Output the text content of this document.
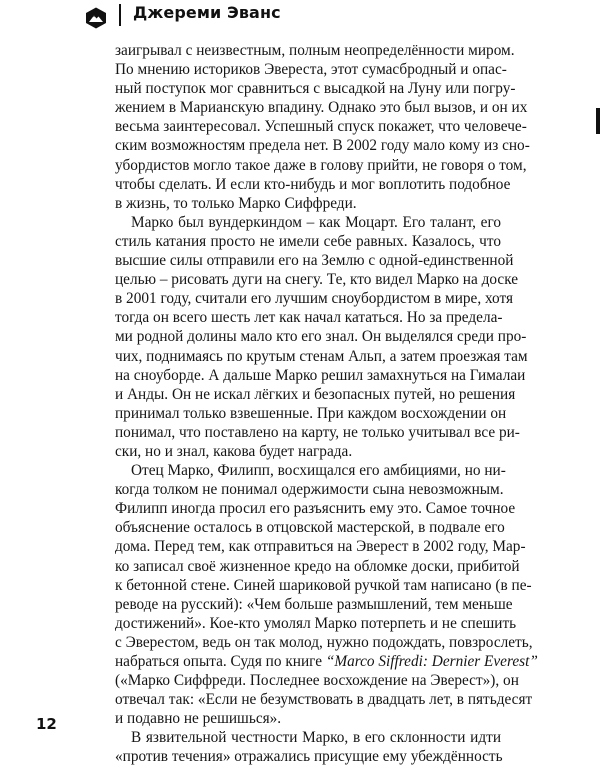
Джереми Эванс
заигрывал с неизвестным, полным неопределённости миром.
По мнению историков Эвереста, этот сумасбродный и опас-
ный поступок мог сравниться с высадкой на Луну или погру-
жением в Марианскую впадину. Однако это был вызов, и он их
весьма заинтересовал. Успешный спуск покажет, что человече-
ским возможностям предела нет. В 2002 году мало кому из сно-
убордистов могло такое даже в голову прийти, не говоря о том,
чтобы сделать. И если кто-нибудь и мог воплотить подобное
в жизнь, то только Марко Сиффреди.
Марко был вундеркиндом – как Моцарт. Его талант, его
стиль катания просто не имели себе равных. Казалось, что
высшие силы отправили его на Землю с одной-единственной
целью – рисовать дуги на снегу. Те, кто видел Марко на доске
в 2001 году, считали его лучшим сноубордистом в мире, хотя
тогда он всего шесть лет как начал кататься. Но за предела-
ми родной долины мало кто его знал. Он выделялся среди про-
чих, поднимаясь по крутым стенам Альп, а затем проезжая там
на сноуборде. А дальше Марко решил замахнуться на Гималаи
и Анды. Он не искал лёгких и безопасных путей, но решения
принимал только взвешенные. При каждом восхождении он
понимал, что поставлено на карту, не только учитывал все ри-
ски, но и знал, какова будет награда.
Отец Марко, Филипп, восхищался его амбициями, но ни-
когда толком не понимал одержимости сына невозможным.
Филипп иногда просил его разъяснить ему это. Самое точное
объяснение осталось в отцовской мастерской, в подвале его
дома. Перед тем, как отправиться на Эверест в 2002 году, Мар-
ко записал своё жизненное кредо на обломке доски, прибитой
к бетонной стене. Синей шариковой ручкой там написано (в пе-
реводе на русский): «Чем больше размышлений, тем меньше
достижений». Кое-кто умолял Марко потерпеть и не спешить
с Эверестом, ведь он так молод, нужно подождать, повзрослеть,
набраться опыта. Судя по книге “Marco Siffredi: Dernier Everest”
(«Марко Сиффреди. Последнее восхождение на Эверест»), он
отвечал так: «Если не безумствовать в двадцать лет, в пятьдесят
и подавно не решишься».
В язвительной честности Марко, в его склонности идти
«против течения» отражались присущие ему убеждённость
12
